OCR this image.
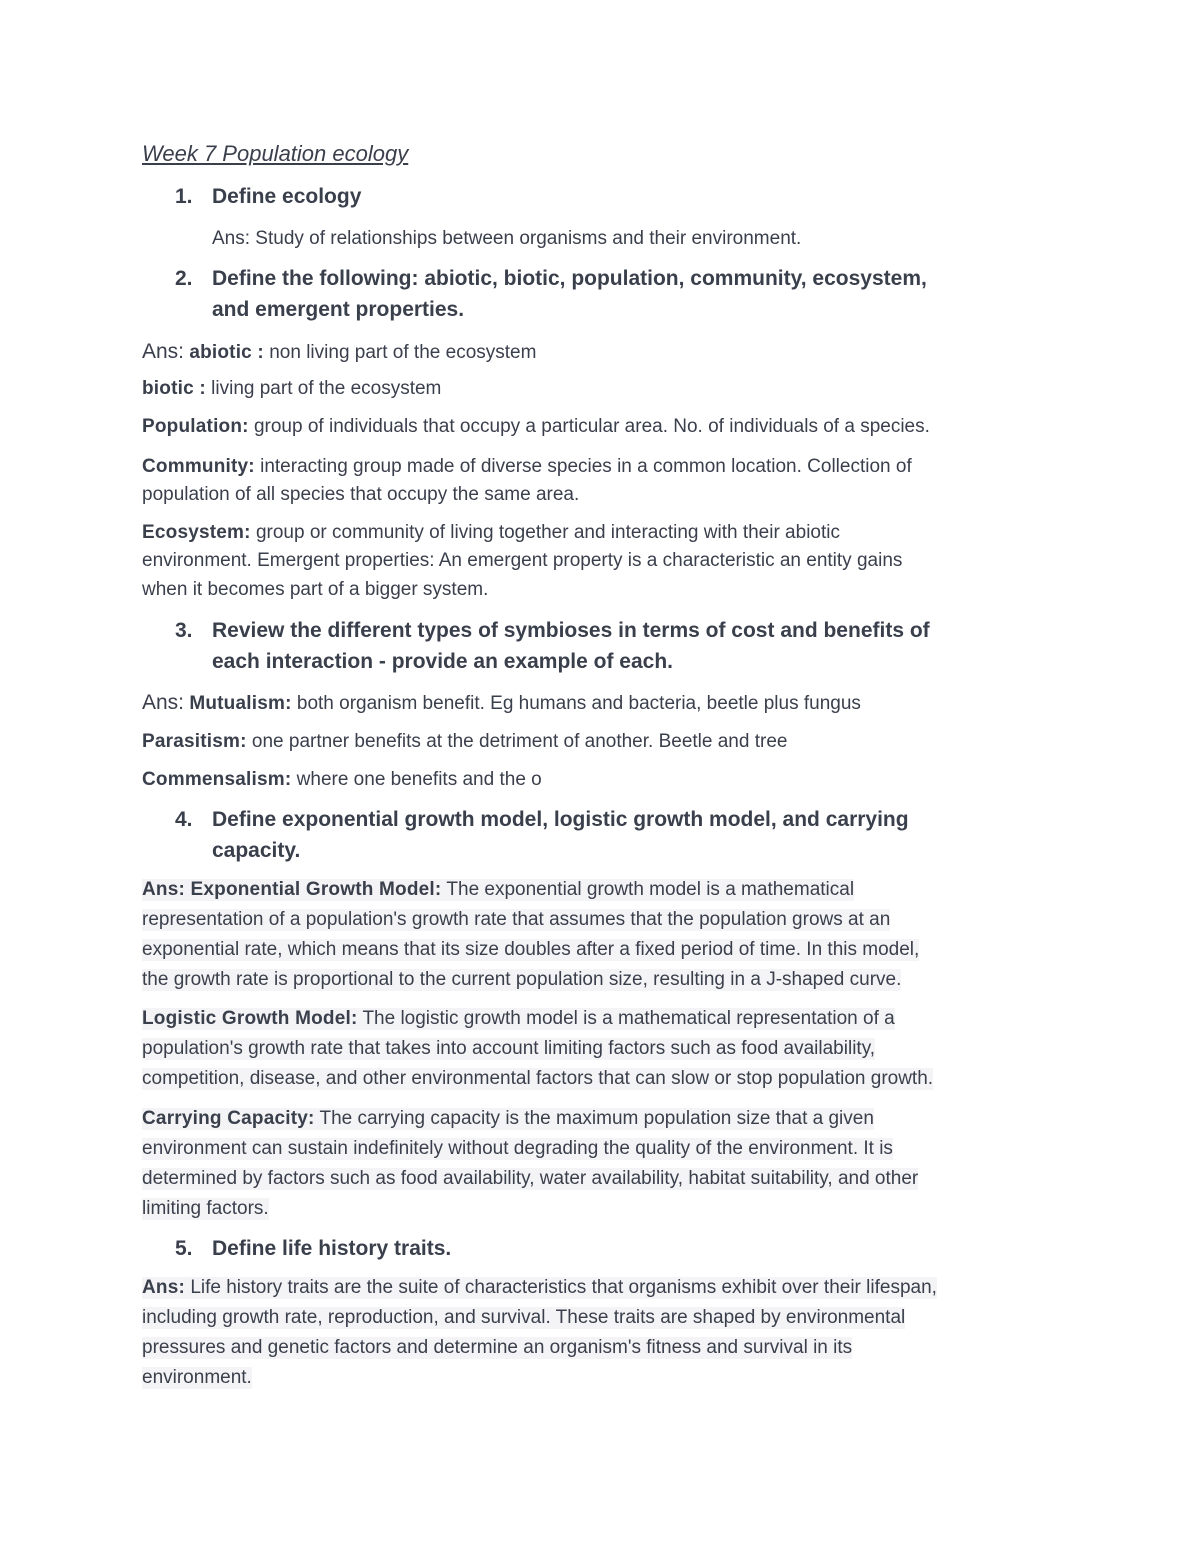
Week 7 Population ecology
1. Define ecology
Ans: Study of relationships between organisms and their environment.
2. Define the following: abiotic, biotic, population, community, ecosystem,
and emergent properties.
Ans: abiotic : non living part of the ecosystem
biotic : living part of the ecosystem
Population: group of individuals that occupy a particular area. No. of individuals of a species.
Community: interacting group made of diverse species in a common location. Collection of
population of all species that occupy the same area.
Ecosystem: group or community of living together and interacting with their abiotic
environment. Emergent properties: An emergent property is a characteristic an entity gains
when it becomes part of a bigger system.
3. Review the different types of symbioses in terms of cost and benefits of
each interaction - provide an example of each.
Ans: Mutualism: both organism benefit. Eg humans and bacteria, beetle plus fungus
Parasitism: one partner benefits at the detriment of another. Beetle and tree
Commensalism: where one benefits and the o
4. Define exponential growth model, logistic growth model, and carrying
capacity.
Ans: Exponential Growth Model: The exponential growth model is a mathematical
representation of a population's growth rate that assumes that the population grows at an
exponential rate, which means that its size doubles after a fixed period of time. In this model,
the growth rate is proportional to the current population size, resulting in a J-shaped curve.
Logistic Growth Model: The logistic growth model is a mathematical representation of a
population's growth rate that takes into account limiting factors such as food availability,
competition, disease, and other environmental factors that can slow or stop population growth.
Carrying Capacity: The carrying capacity is the maximum population size that a given
environment can sustain indefinitely without degrading the quality of the environment. It is
determined by factors such as food availability, water availability, habitat suitability, and other
limiting factors.
5. Define life history traits.
Ans: Life history traits are the suite of characteristics that organisms exhibit over their lifespan,
including growth rate, reproduction, and survival. These traits are shaped by environmental
pressures and genetic factors and determine an organism's fitness and survival in its
environment.
